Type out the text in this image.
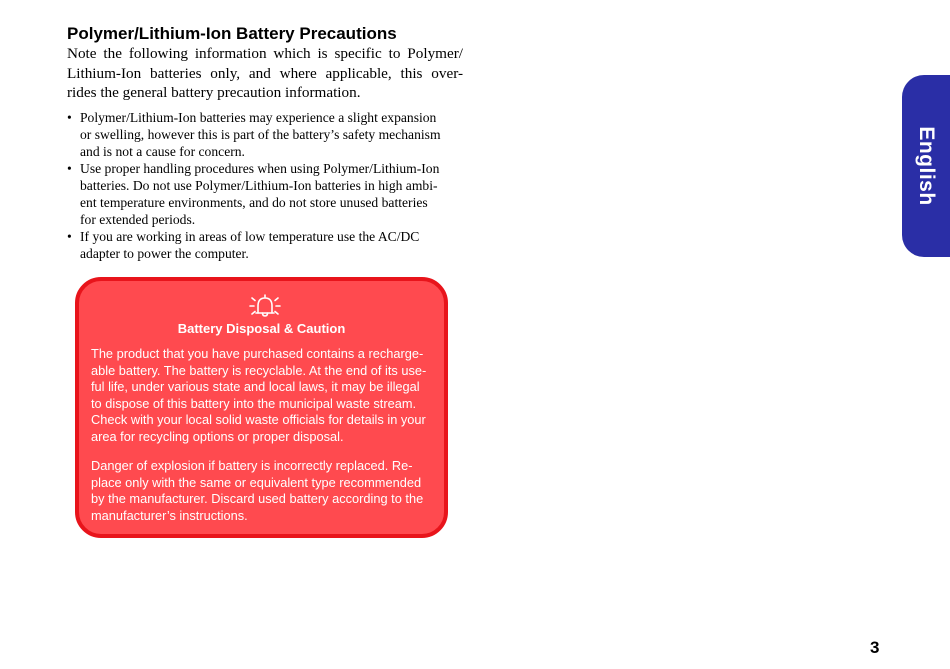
Polymer/Lithium-Ion Battery Precautions

Note the following information which is specific to Polymer/
Lithium-Ion batteries only, and where applicable, this over-
rides the general battery precaution information.

• Polymer/Lithium-Ion batteries may experience a slight expansion
or swelling, however this is part of the battery’s safety mechanism
and is not a cause for concern.
• Use proper handling procedures when using Polymer/Lithium-Ion
batteries. Do not use Polymer/Lithium-Ion batteries in high ambi-
ent temperature environments, and do not store unused batteries
for extended periods.
• If you are working in areas of low temperature use the AC/DC
adapter to power the computer.
Battery Disposal & Caution

The product that you have purchased contains a recharge-
able battery. The battery is recyclable. At the end of its use-
ful life, under various state and local laws, it may be illegal
to dispose of this battery into the municipal waste stream.
Check with your local solid waste officials for details in your
area for recycling options or proper disposal.

Danger of explosion if battery is incorrectly replaced. Re-
place only with the same or equivalent type recommended
by the manufacturer. Discard used battery according to the
manufacturer’s instructions.

English
3
